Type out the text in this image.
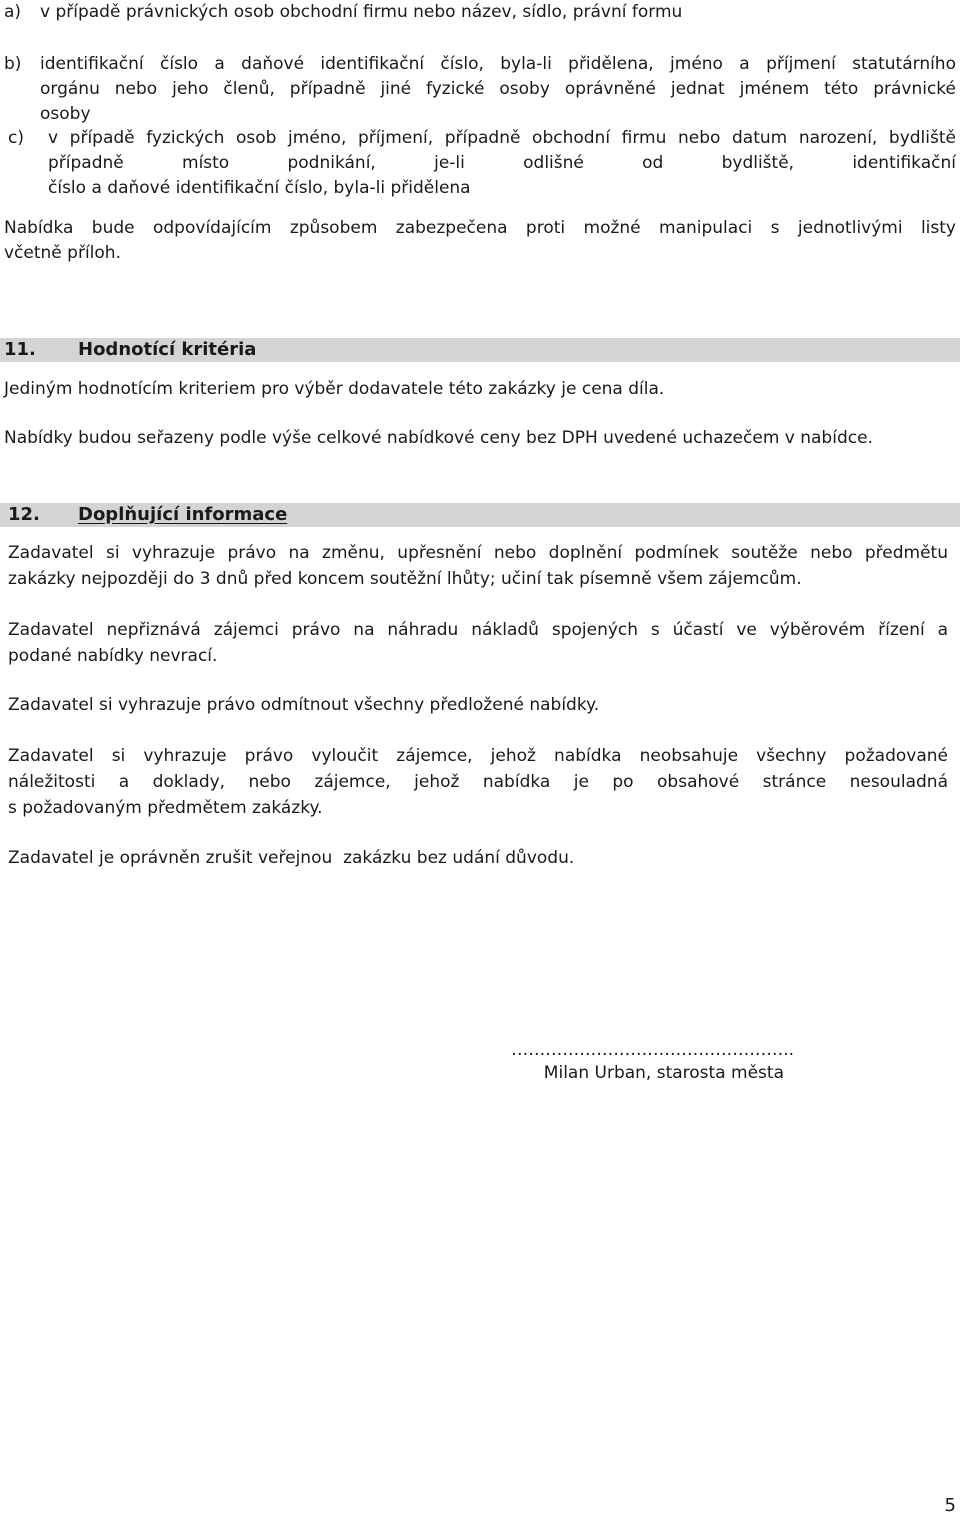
a) v případě právnických osob obchodní firmu nebo název, sídlo, právní formu
b) identifikační číslo a daňové identifikační číslo, byla-li přidělena, jméno a příjmení statutárního
orgánu nebo jeho členů, případně jiné fyzické osoby oprávněné jednat jménem této právnické
osoby
c) v případě fyzických osob jméno, příjmení, případně obchodní firmu nebo datum narození, bydliště
případně místo podnikání, je-li odlišné od bydliště, identifikační
číslo a daňové identifikační číslo, byla-li přidělena
Nabídka bude odpovídajícím způsobem zabezpečena proti možné manipulaci s jednotlivými listy
včetně příloh.
11. Hodnotící kritéria
Jediným hodnotícím kriteriem pro výběr dodavatele této zakázky je cena díla.
Nabídky budou seřazeny podle výše celkové nabídkové ceny bez DPH uvedené uchazečem v nabídce.
12. Doplňující informace
Zadavatel si vyhrazuje právo na změnu, upřesnění nebo doplnění podmínek soutěže nebo předmětu
zakázky nejpozději do 3 dnů před koncem soutěžní lhůty; učiní tak písemně všem zájemcům.
Zadavatel nepřiznává zájemci právo na náhradu nákladů spojených s účastí ve výběrovém řízení a
podané nabídky nevrací.
Zadavatel si vyhrazuje právo odmítnout všechny předložené nabídky.
Zadavatel si vyhrazuje právo vyloučit zájemce, jehož nabídka neobsahuje všechny požadované
náležitosti a doklady, nebo zájemce, jehož nabídka je po obsahové stránce nesouladná
s požadovaným předmětem zakázky.
Zadavatel je oprávněn zrušit veřejnou  zakázku bez udání důvodu.
…………………………………………..
Milan Urban, starosta města
5
